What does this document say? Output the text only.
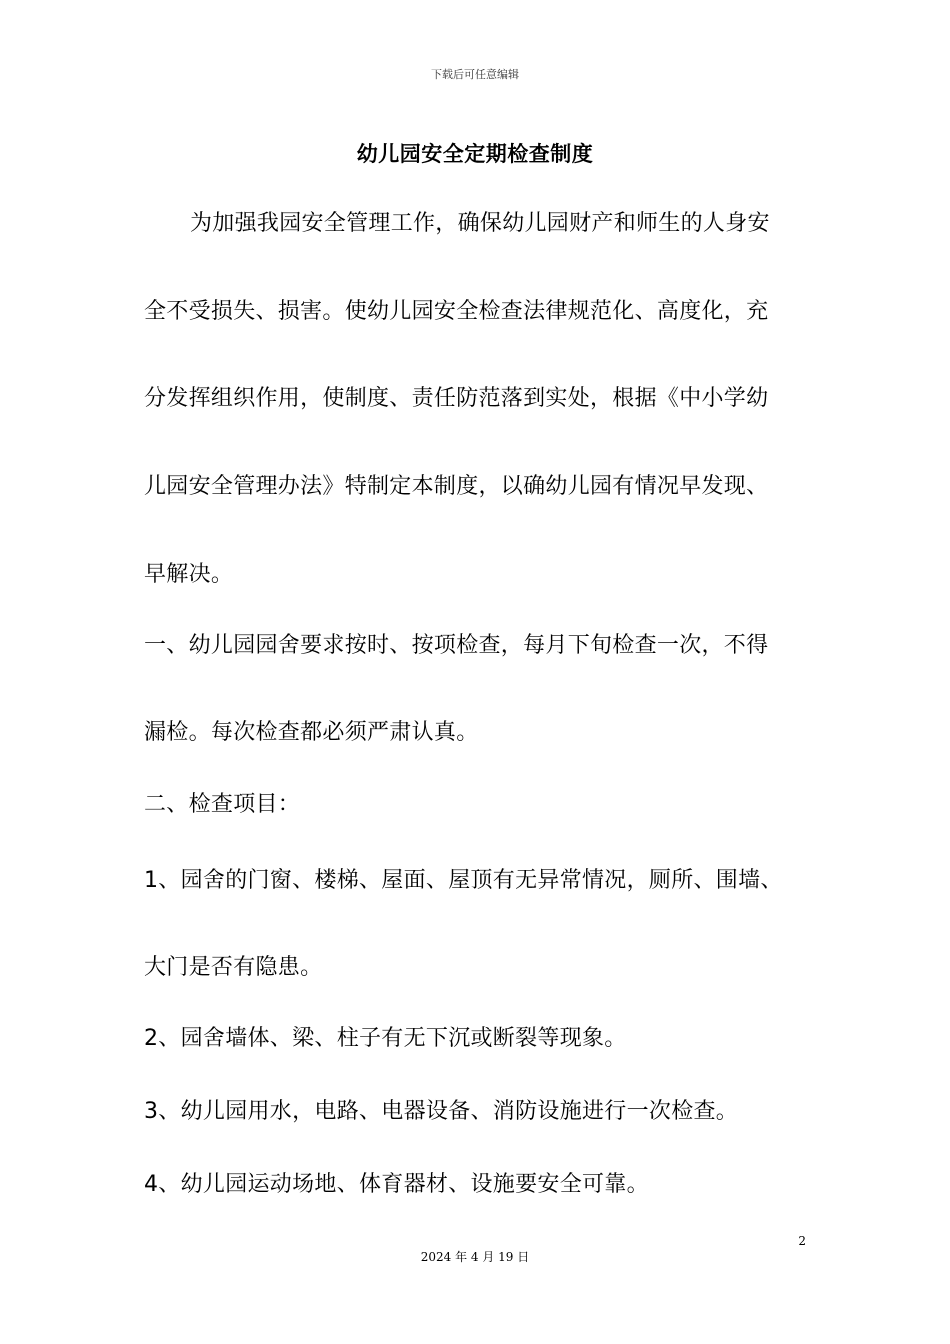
下载后可任意编辑
幼儿园安全定期检查制度
为加强我园安全管理工作，确保幼儿园财产和师生的人身安
全不受损失、损害。使幼儿园安全检查法律规范化、高度化，充
分发挥组织作用，使制度、责任防范落到实处，根据《中小学幼
儿园安全管理办法》特制定本制度，以确幼儿园有情况早发现、
早解决。
一、幼儿园园舍要求按时、按项检查，每月下旬检查一次，不得
漏检。每次检查都必须严肃认真。
二、检查项目：
1、园舍的门窗、楼梯、屋面、屋顶有无异常情况，厕所、围墙、
大门是否有隐患。
2、园舍墙体、梁、柱子有无下沉或断裂等现象。
3、幼儿园用水，电路、电器设备、消防设施进行一次检查。
4、幼儿园运动场地、体育器材、设施要安全可靠。
2
2024 年 4 月 19 日
